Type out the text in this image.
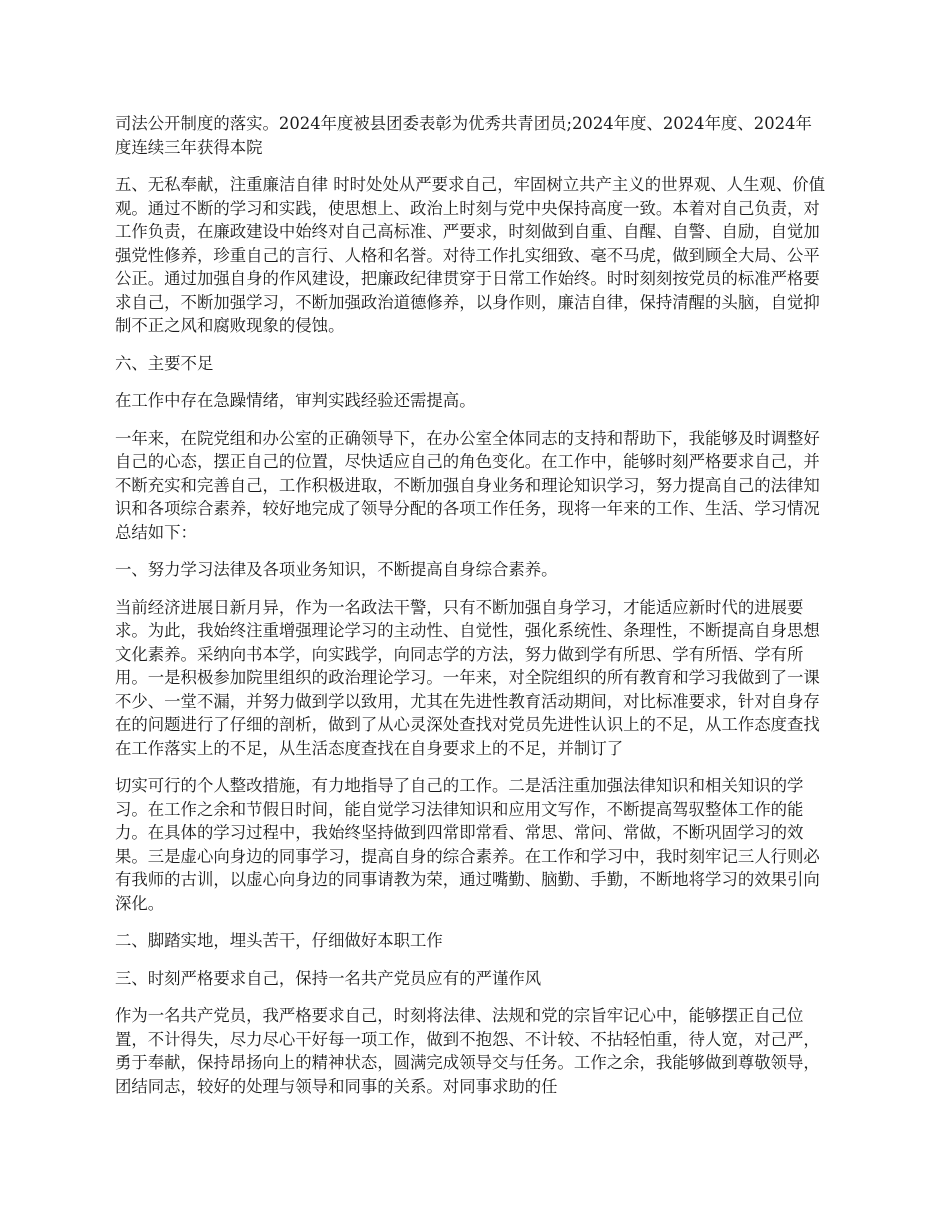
司法公开制度的落实。2024年度被县团委表彰为优秀共青团员;2024年度、2024年度、2024年度连续三年获得本院

五、无私奉献，注重廉洁自律 时时处处从严要求自己，牢固树立共产主义的世界观、人生观、价值观。通过不断的学习和实践，使思想上、政治上时刻与党中央保持高度一致。本着对自己负责，对工作负责，在廉政建设中始终对自己高标准、严要求，时刻做到自重、自醒、自警、自励，自觉加强党性修养，珍重自己的言行、人格和名誉。对待工作扎实细致、毫不马虎，做到顾全大局、公平公正。通过加强自身的作风建设，把廉政纪律贯穿于日常工作始终。时时刻刻按党员的标准严格要求自己，不断加强学习，不断加强政治道德修养，以身作则，廉洁自律，保持清醒的头脑，自觉抑制不正之风和腐败现象的侵蚀。

六、主要不足

在工作中存在急躁情绪，审判实践经验还需提高。

一年来，在院党组和办公室的正确领导下，在办公室全体同志的支持和帮助下，我能够及时调整好自己的心态，摆正自己的位置，尽快适应自己的角色变化。在工作中，能够时刻严格要求自己，并不断充实和完善自己，工作积极进取，不断加强自身业务和理论知识学习，努力提高自己的法律知识和各项综合素养，较好地完成了领导分配的各项工作任务，现将一年来的工作、生活、学习情况总结如下：

一、努力学习法律及各项业务知识，不断提高自身综合素养。

当前经济进展日新月异，作为一名政法干警，只有不断加强自身学习，才能适应新时代的进展要求。为此，我始终注重增强理论学习的主动性、自觉性，强化系统性、条理性，不断提高自身思想文化素养。采纳向书本学，向实践学，向同志学的方法，努力做到学有所思、学有所悟、学有所用。一是积极参加院里组织的政治理论学习。一年来，对全院组织的所有教育和学习我做到了一课不少、一堂不漏，并努力做到学以致用，尤其在先进性教育活动期间，对比标准要求，针对自身存在的问题进行了仔细的剖析，做到了从心灵深处查找对党员先进性认识上的不足，从工作态度查找在工作落实上的不足，从生活态度查找在自身要求上的不足，并制订了

切实可行的个人整改措施，有力地指导了自己的工作。二是活注重加强法律知识和相关知识的学习。在工作之余和节假日时间，能自觉学习法律知识和应用文写作，不断提高驾驭整体工作的能力。在具体的学习过程中，我始终坚持做到四常即常看、常思、常问、常做，不断巩固学习的效果。三是虚心向身边的同事学习，提高自身的综合素养。在工作和学习中，我时刻牢记三人行则必有我师的古训，以虚心向身边的同事请教为荣，通过嘴勤、脑勤、手勤，不断地将学习的效果引向深化。

二、脚踏实地，埋头苦干，仔细做好本职工作

三、时刻严格要求自己，保持一名共产党员应有的严谨作风

作为一名共产党员，我严格要求自己，时刻将法律、法规和党的宗旨牢记心中，能够摆正自己位置，不计得失，尽力尽心干好每一项工作，做到不抱怨、不计较、不拈轻怕重，待人宽，对己严，勇于奉献，保持昂扬向上的精神状态，圆满完成领导交与任务。工作之余，我能够做到尊敬领导，团结同志，较好的处理与领导和同事的关系。对同事求助的任
